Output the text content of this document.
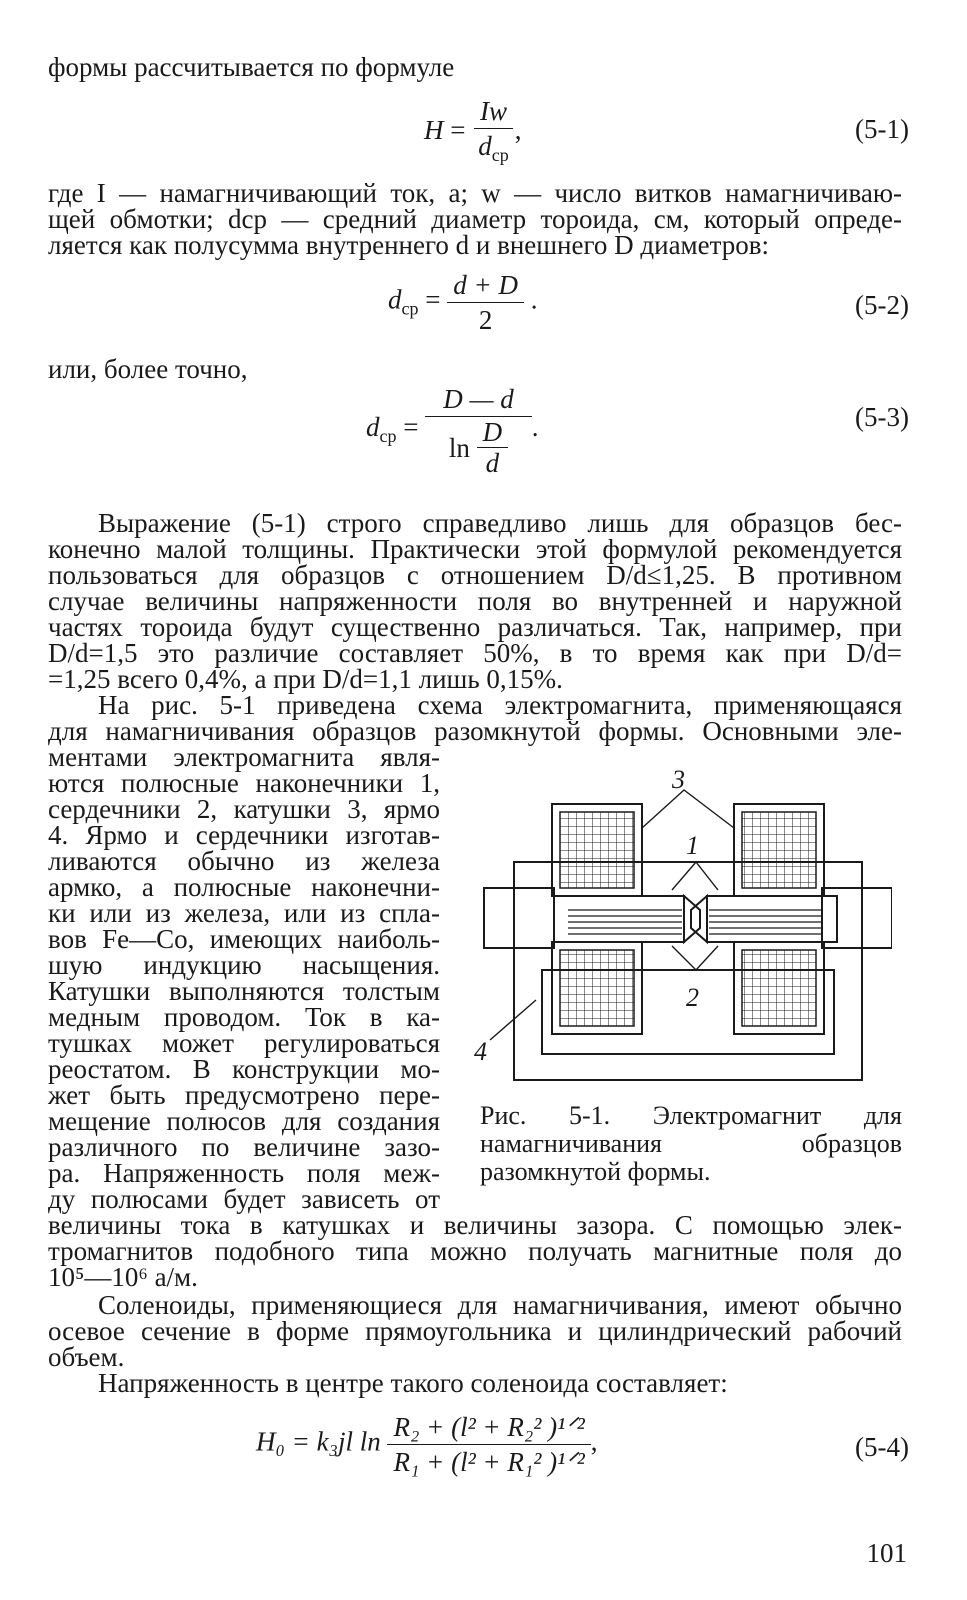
формы рассчитывается по формуле
$H = \frac{Iw}{d_{ср}}$ ,	(5-1)
где I — намагничивающий ток, а; w — число витков намагничиваю-
щей обмотки; dср — средний диаметр тороида, см, который опреде-
ляется как полусумма внутреннего d и внешнего D диаметров:
$d_{ср} = \frac{d + D}{2}$ .	(5-2)
или, более точно,
$d_{ср} = D$ — d
ln
$\frac{D}{d}$ .	(5-3)
Выражение (5-1) строго справедливо лишь для образцов бес-
конечно малой толщины. Практически этой формулой рекомендуется
пользоваться для образцов с отношением D/d≤1,25. В противном
случае величины напряженности поля во внутренней и наружной
частях тороида будут существенно различаться. Так, например, при
D/d=1,5 это различие составляет 50%, в то время как при D/d=
=1,25 всего 0,4%, а при D/d=1,1 лишь 0,15%.
На рис. 5-1 приведена схема электромагнита, применяющаяся
для намагничивания образцов разомкнутой формы. Основными эле-
ментами электромагнита явля-
ются полюсные наконечники 1,
сердечники 2, катушки 3, ярмо
4. Ярмо и сердечники изготав-
ливаются обычно из железа
армко, а полюсные наконечни-
ки или из железа, или из спла-
вов Fe—Co, имеющих наиболь-
шую индукцию насыщения.
Катушки выполняются толстым
медным проводом. Ток в ка-
тушках может регулироваться
реостатом. В конструкции мо-
жет быть предусмотрено пере-
мещение полюсов для создания
различного по величине зазо-
ра. Напряженность поля меж-
ду полюсами будет зависеть от
3
1
2
4
Рис. 5-1. Электромагнит для намагничивания образцов разомкнутой формы.
величины тока в катушках и величины зазора. С помощью элек-
тромагнитов подобного типа можно получать магнитные поля до
10⁵—10⁶ а/м.
Соленоиды, применяющиеся для намагничивания, имеют обычно
осевое сечение в форме прямоугольника и цилиндрический рабочий
объем.
Напряженность в центре такого соленоида составляет:
H₀ = k₃jl $\ln \frac{\text{R₂ + (l² + R₂² )¹ᐟ²}}{\text{R₁ + (l² + R₁² )¹ᐟ²}}$ ,	(5-4)
101
